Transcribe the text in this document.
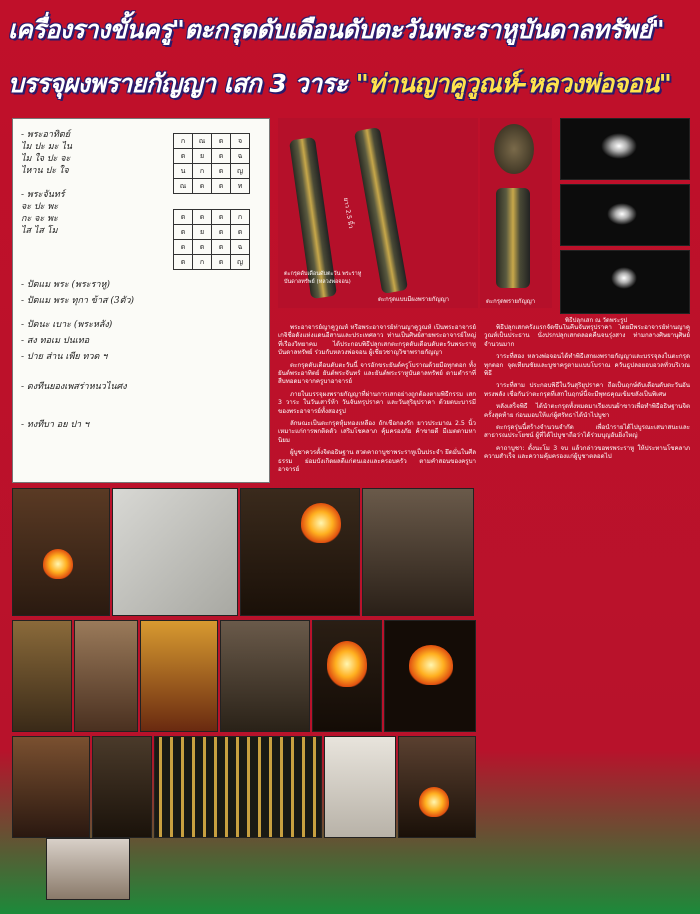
เครื่องรางขั้นครู"ตะกรุดดับเดือนดับตะวันพระราหูบันดาลทรัพย์"
บรรจุผงพรายกัญญา เสก 3 วาระ "ท่านญาคูวูณห์-หลวงพ่อจอน"
- พระอาทิตย์
ไม ปะ มะ ไน
ไม ใจ ปะ จะ
ไหาน ปะ ใจ
- พระจันทร์
จะ ปะ พะ
กะ จะ พะ
ไส ไส โม
- ปัตแม พระ (พระราหู)
- ปัตแม พระ ทุกา ข้าส (3ตัว)
- ปัดนะ เบาะ (พระหลัง)
- สง ทอเม ปนเทอ
- ปาย ส่าน เพีย ทวด ฯ
- ดงทีนยองเพสร่าหนวไนศง
- ทงทีบา อย ปา ฯ
ก	ณ	ต	จ
ต	ย	ต	ฉ
น	ก	ต	ญ
ณ	ด	ต	ท
ต	ด	ต	ก
ต	ย	ต	ต
ด	ต	ต	ฉ
ต	ก	ต	ญ
ยาว 2.5 นิ้ว
ตะกรุดดับเดือนดับตะวัน พระราหูบันดาลทรัพย์ (หลวงพ่อจอน)
ตะกรุดแบบมีผงพรายกัญญา	ตะกรุดพรายกัญญา
พิธีปลุกเสก ณ วัดพระรูป

พระอาจารย์ญาคูวูณห์ หรือพระอาจารย์ท่านญาคูวูณห์ เป็นพระอาจารย์เกจิชื่อดังแห่งแดนอีสานและประเทศลาว ท่านเป็นศิษย์สายพระอาจารย์ใหญ่ที่เรืองวิทยาคม ได้ประกอบพิธีปลุกเสกตะกรุดดับเดือนดับตะวันพระราหูบันดาลทรัพย์ ร่วมกับหลวงพ่อจอน ผู้เชี่ยวชาญวิชาพรายกัญญา

ตะกรุดดับเดือนดับตะวันนี้ จารอักขระยันต์ครูโบราณด้วยมือทุกดอก ทั้งยันต์พระอาทิตย์ ยันต์พระจันทร์ และยันต์พระราหูบันดาลทรัพย์ ตามตำราที่สืบทอดมาจากครูบาอาจารย์

ภายในบรรจุผงพรายกัญญาที่ผ่านการเสกอย่างถูกต้องตามพิธีกรรม เสก 3 วาระ ในวันเสาร์ห้า วันจันทรุปราคา และวันสุริยุปราคา ด้วยตบะบารมีของพระอาจารย์ทั้งสองรูป

ลักษณะเป็นตะกรุดหุ้มทองเหลือง ถักเชือกลงรัก ยาวประมาณ 2.5 นิ้ว เหมาะแก่การพกติดตัว เสริมโชคลาภ คุ้มครองภัย ค้าขายดี มีเมตตามหานิยม

ผู้บูชาควรตั้งจิตอธิษฐาน สวดคาถาบูชาพระราหูเป็นประจำ ยึดมั่นในศีลธรรม ย่อมบังเกิดผลดีแก่ตนเองและครอบครัว ตามคำสอนของครูบาอาจารย์

พิธีปลุกเสกครั้งแรกจัดขึ้นในคืนจันทรุปราคา โดยมีพระอาจารย์ท่านญาคูวูณห์เป็นประธาน นั่งปรกปลุกเสกตลอดคืนจนรุ่งสาง ท่ามกลางศิษยานุศิษย์จำนวนมาก

วาระที่สอง หลวงพ่อจอนได้ทำพิธีเสกผงพรายกัญญาและบรรจุลงในตะกรุดทุกดอก จุดเทียนชัยและบูชาครูตามแบบโบราณ ควันธูปลอยอบอวลทั่วบริเวณพิธี

วาระที่สาม ประกอบพิธีในวันสุริยุปราคา ถือเป็นฤกษ์ดับเดือนดับตะวันอันทรงพลัง เชื่อกันว่าตะกรุดที่เสกในฤกษ์นี้จะมีพุทธคุณเข้มขลังเป็นพิเศษ

หลังเสร็จพิธี ได้นำตะกรุดทั้งหมดมาเรียงบนผ้าขาวเพื่อทำพิธีอธิษฐานจิตครั้งสุดท้าย ก่อนมอบให้แก่ผู้ศรัทธาได้นำไปบูชา

ตะกรุดรุ่นนี้สร้างจำนวนจำกัด เพื่อนำรายได้ไปบูรณะเสนาสนะและสาธารณประโยชน์ ผู้ที่ได้ไปบูชาถือว่าได้ร่วมบุญอันยิ่งใหญ่

คาถาบูชา: ตั้งนะโม 3 จบ แล้วกล่าวขอพรพระราหู ให้ประทานโชคลาภ ความสำเร็จ และความคุ้มครองแก่ผู้บูชาตลอดไป
